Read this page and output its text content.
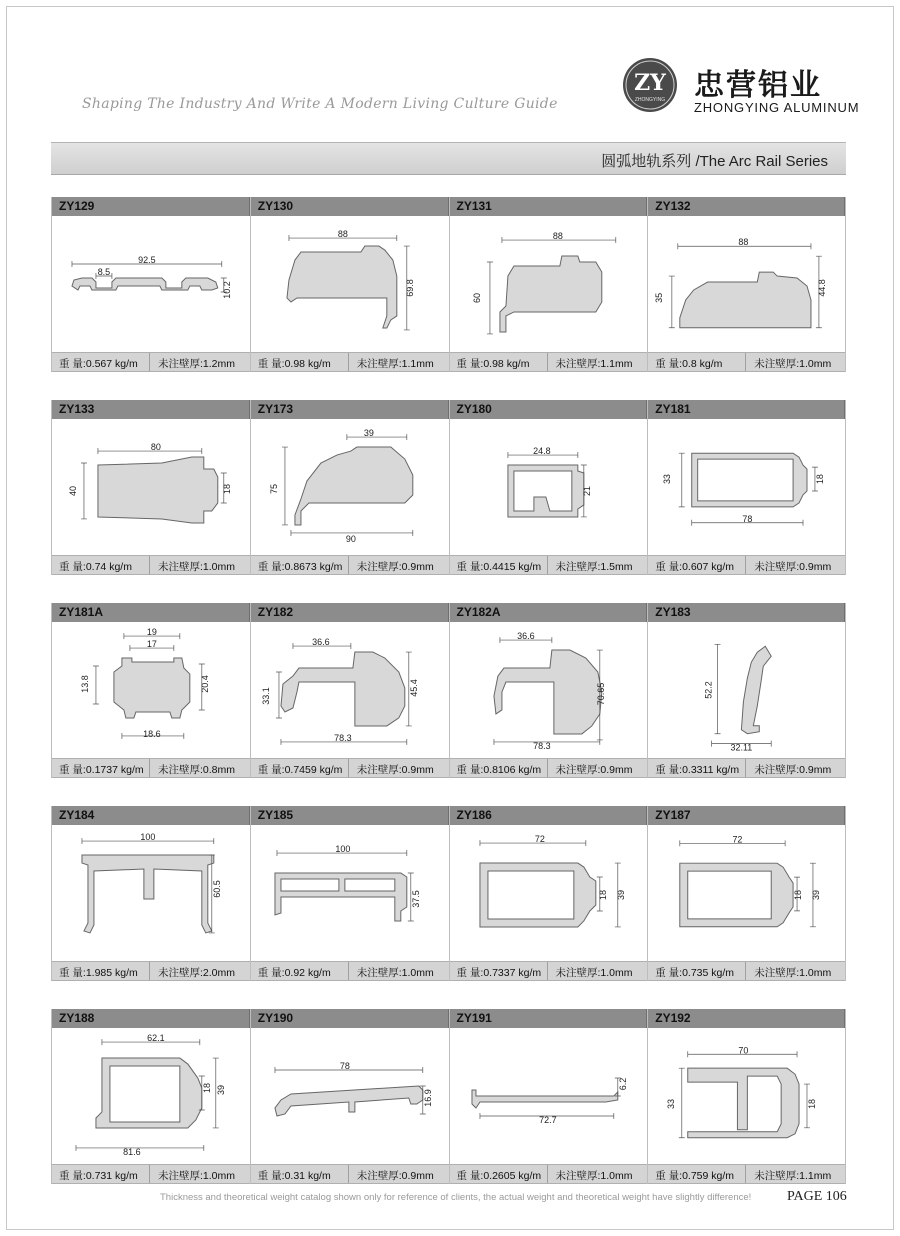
Shaping The Industry And Write A Modern Living Culture Guide
ZY
ZHONGYING 忠营铝业
ZHONGYING ALUMINUM
圆弧地轨系列 /The Arc Rail Series
ZY129
92.5
8.5
10.2
重 量:0.567 kg/m	未注壁厚:1.2mm
ZY130
88
69.8
重 量:0.98 kg/m	未注壁厚:1.1mm
ZY131
88
60
重 量:0.98 kg/m	未注壁厚:1.1mm
ZY132
88
35
44.8
重 量:0.8 kg/m	未注壁厚:1.0mm
ZY133
80
40	18
重 量:0.74 kg/m	未注壁厚:1.0mm
ZY173
39
75
90
重 量:0.8673 kg/m	未注壁厚:0.9mm
ZY180
24.8
21
重 量:0.4415 kg/m	未注壁厚:1.5mm
ZY181
33	18
78
重 量:0.607 kg/m	未注壁厚:0.9mm
ZY181A
19
17
13.8	20.4
18.6
重 量:0.1737 kg/m	未注壁厚:0.8mm
ZY182
36.6
33.1	45.4
78.3
重 量:0.7459 kg/m	未注壁厚:0.9mm
ZY182A
36.6
70.65
78.3
重 量:0.8106 kg/m	未注壁厚:0.9mm
ZY183
52.2
32.11
重 量:0.3311 kg/m	未注壁厚:0.9mm
ZY184
100
60.5
重 量:1.985 kg/m	未注壁厚:2.0mm
ZY185
100
37.5
重 量:0.92 kg/m	未注壁厚:1.0mm
ZY186
72
18 39
重 量:0.7337 kg/m	未注壁厚:1.0mm
ZY187
72
18 39
重 量:0.735 kg/m	未注壁厚:1.0mm
ZY188
62.1
18 39
81.6
重 量:0.731 kg/m	未注壁厚:1.0mm
ZY190
78
16.9
重 量:0.31 kg/m	未注壁厚:0.9mm
ZY191
6.2
72.7
重 量:0.2605 kg/m	未注壁厚:1.0mm
ZY192
70
33	18
重 量:0.759 kg/m	未注壁厚:1.1mm
Thickness and theoretical weight catalog shown only for reference of clients, the actual weight and theoretical weight have slightly difference!	PAGE 106
